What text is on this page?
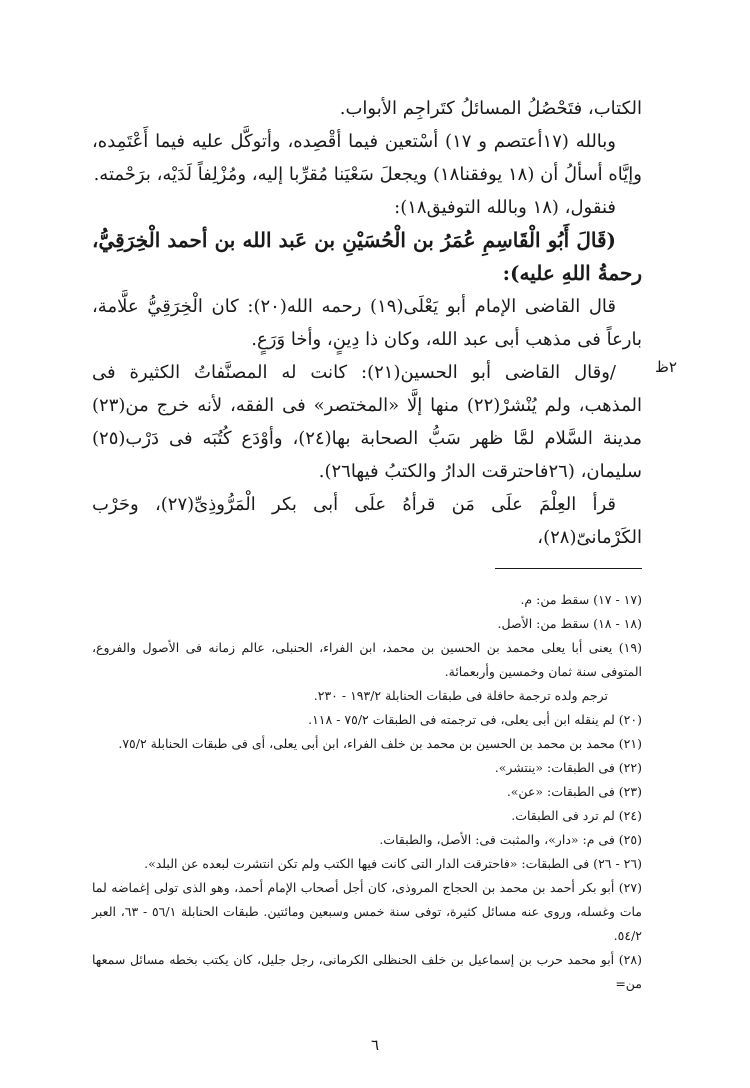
الكتاب، فتَحْصُلُ المسائلُ كتَراجِم الأبواب.

وبالله (١٧أعتصم و ١٧) أسْتعين فيما أقْصِده، وأتوكَّل عليه فيما أَعْتَمِده، وإيَّاه أسألُ أن (١٨ يوفقنا١٨) ويجعلَ سَعْيَنا مُقرِّبا إليه، ومُزْلِفاً لَدَيْه، برَحْمته.

فنقول، (١٨ وبالله التوفيق١٨):

(قَالَ أَبُو الْقَاسِمِ عُمَرُ بن الْحُسَيْنِ بن عَبد الله بن أحمد الْخِرَقِيُّ، رحمةُ اللهِ عليه):

قال القاضى الإمام أبو يَعْلَى(١٩) رحمه الله(٢٠): كان الْخِرَقِيُّ علَّامة، بارعاً فى مذهب أبى عبد الله، وكان ذا دِينٍ، وأخا وَرَعٍ.

/وقال القاضى أبو الحسين(٢١): كانت له المصنَّفاتُ الكثيرة فى المذهب، ولم يُنْشرْ(٢٢) منها إلَّا «المختصر» فى الفقه، لأنه خرج من(٢٣) مدينة السَّلام لمَّا ظهر سَبُّ الصحابة بها(٢٤)، وأوْدَع كُتُبَه فى دَرْب(٢٥) سليمان، (٢٦فاحترقت الدارُ والكتبُ فيها٢٦).

قرأ العِلْمَ علَى مَن قرأهُ علَى أبى بكر الْمَرُّوذِىِّ(٢٧)، وحَرْب الكَرْمانىّ(٢٨)،

٢ظ

(١٧ - ١٧) سقط من: م.

(١٨ - ١٨) سقط من: الأصل.

(١٩) يعنى أبا يعلى محمد بن الحسين بن محمد، ابن الفراء، الحنبلى، عالم زمانه فى الأصول والفروع، المتوفى سنة ثمان وخمسين وأربعمائة.

ترجم ولده ترجمة حافلة فى طبقات الحنابلة ١٩٣/٢ - ٢٣٠.

(٢٠) لم ينقله ابن أبى يعلى، فى ترجمته فى الطبقات ٧٥/٢ - ١١٨.

(٢١) محمد بن محمد بن الحسين بن محمد بن خلف الفراء، ابن أبى يعلى، أى فى طبقات الحنابلة ٧٥/٢.

(٢٢) فى الطبقات: «ينتشر».

(٢٣) فى الطبقات: «عن».

(٢٤) لم ترد فى الطبقات.

(٢٥) فى م: «دار»، والمثبت فى: الأصل، والطبقات.

(٢٦ - ٢٦) فى الطبقات: «فاحترقت الدار التى كانت فيها الكتب ولم تكن انتشرت لبعده عن البلد».

(٢٧) أبو بكر أحمد بن محمد بن الحجاج المروذى، كان أجل أصحاب الإمام أحمد، وهو الذى تولى إغماضه لما مات وغسله، وروى عنه مسائل كثيرة، توفى سنة خمس وسبعين ومائتين. طبقات الحنابلة ٥٦/١ - ٦٣، العبر ٥٤/٢.

(٢٨) أبو محمد حرب بن إسماعيل بن خلف الحنظلى الكرمانى، رجل جليل، كان يكتب بخطه مسائل سمعها من=

٦
